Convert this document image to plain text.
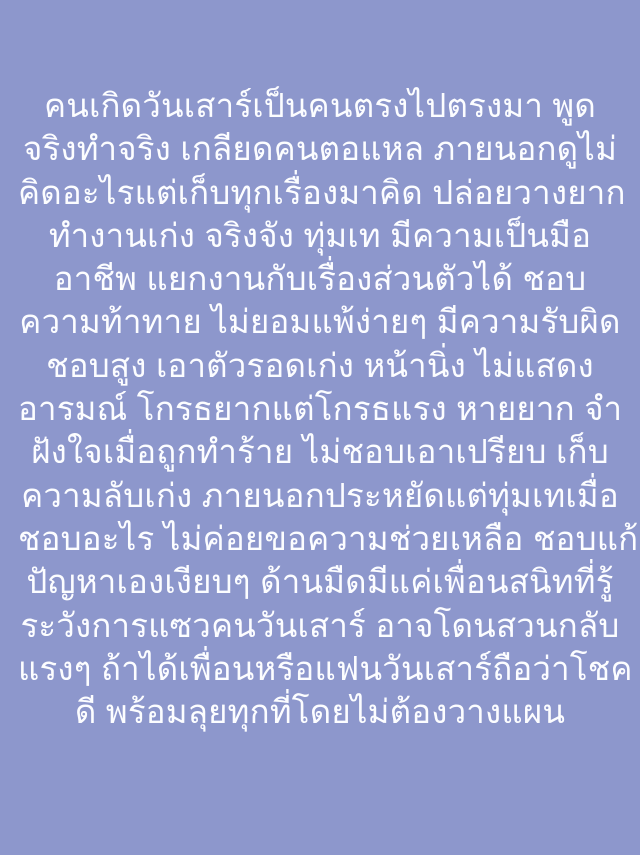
คนเกิดวันเสาร์เป็นคนตรงไปตรงมา พูด
จริงทำจริง เกลียดคนตอแหล ภายนอกดูไม่
คิดอะไรแต่เก็บทุกเรื่องมาคิด ปล่อยวางยาก
ทำงานเก่ง จริงจัง ทุ่มเท มีความเป็นมือ
อาชีพ แยกงานกับเรื่องส่วนตัวได้ ชอบ
ความท้าทาย ไม่ยอมแพ้ง่ายๆ มีความรับผิด
ชอบสูง เอาตัวรอดเก่ง หน้านิ่ง ไม่แสดง
อารมณ์ โกรธยากแต่โกรธแรง หายยาก จำ
ฝังใจเมื่อถูกทำร้าย ไม่ชอบเอาเปรียบ เก็บ
ความลับเก่ง ภายนอกประหยัดแต่ทุ่มเทเมื่อ
ชอบอะไร ไม่ค่อยขอความช่วยเหลือ ชอบแก้
ปัญหาเองเงียบๆ ด้านมืดมีแค่เพื่อนสนิทที่รู้
ระวังการแซวคนวันเสาร์ อาจโดนสวนกลับ
แรงๆ ถ้าได้เพื่อนหรือแฟนวันเสาร์ถือว่าโชค
ดี พร้อมลุยทุกที่โดยไม่ต้องวางแผน
